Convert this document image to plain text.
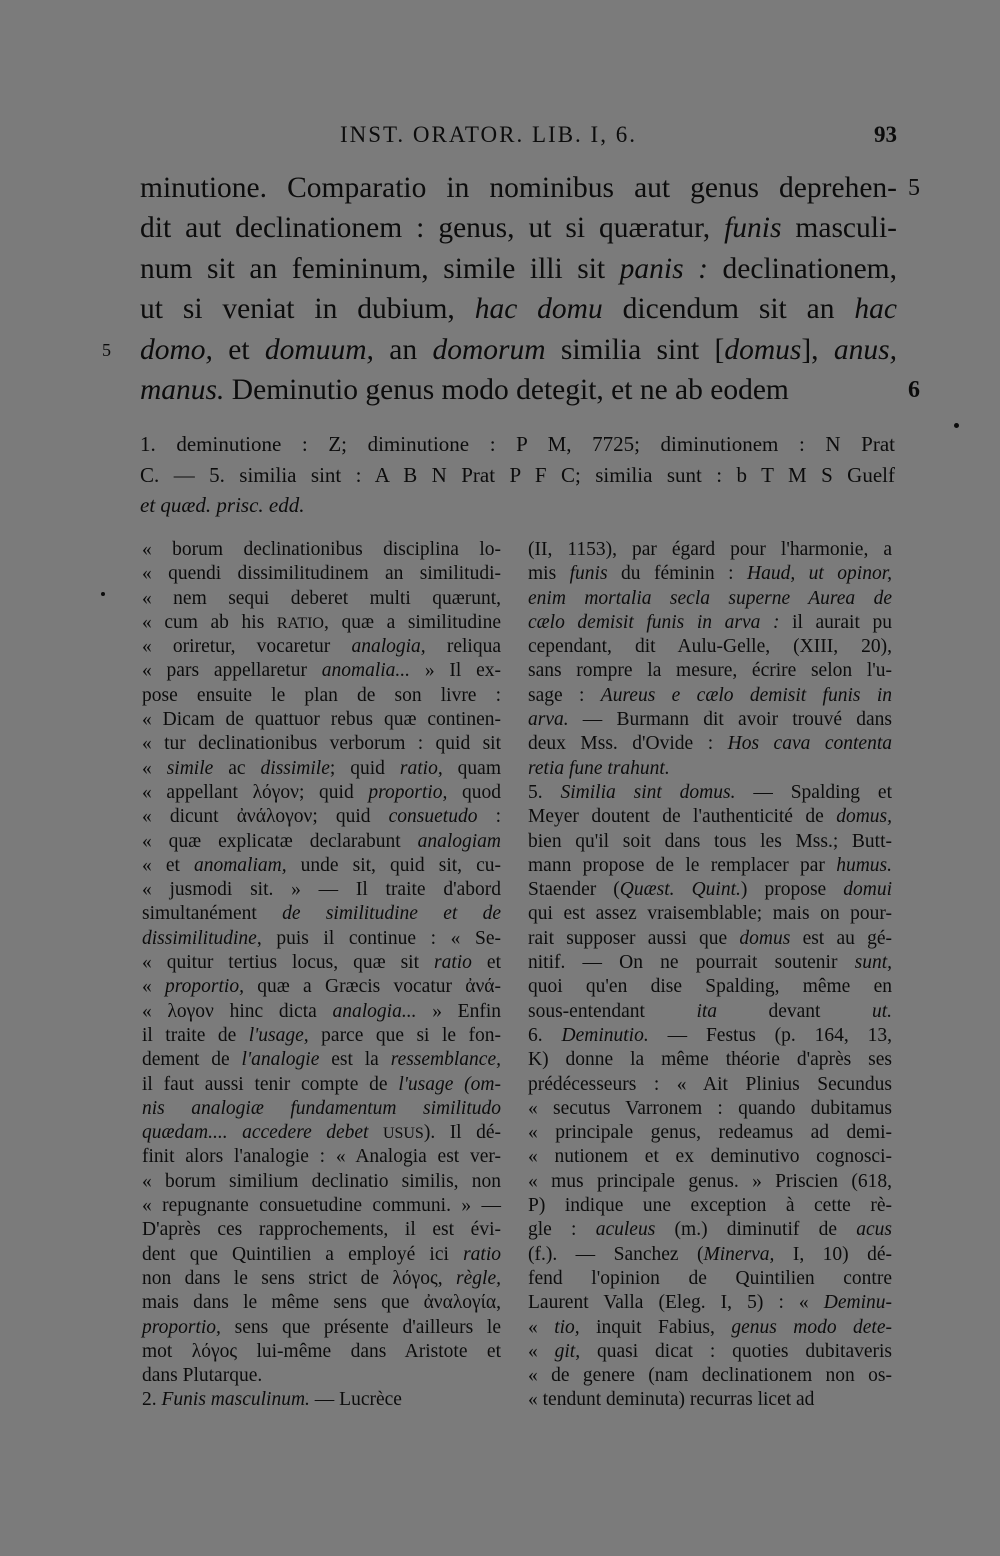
INST. ORATOR. LIB. I, 6.	93
minutione. Comparatio in nominibus aut genus deprehen-
dit aut declinationem : genus, ut si quæratur, funis masculi-
num sit an femininum, simile illi sit panis : declinationem,
ut si veniat in dubium, hac domu dicendum sit an hac
domo, et domuum, an domorum similia sint [domus], anus,
manus. Deminutio genus modo detegit, et ne ab eodem
5
6
5
1. deminutione : Z; diminutione : P M, 7725; diminutionem : N Prat
C. — 5. similia sint : A B N Prat P F C; similia sunt : b T M S Guelf
et quæd. prisc. edd.
« borum declinationibus disciplina lo-
« quendi dissimilitudinem an similitudi-
« nem sequi deberet multi quærunt,
« cum ab his RATIO, quæ a similitudine
« oriretur, vocaretur analogia, reliqua
« pars appellaretur anomalia... » Il ex-
pose ensuite le plan de son livre :
« Dicam de quattuor rebus quæ continen-
« tur declinationibus verborum : quid sit
« simile ac dissimile; quid ratio, quam
« appellant λόγον; quid proportio, quod
« dicunt ἀνάλογον; quid consuetudo :
« quæ explicatæ declarabunt analogiam
« et anomaliam, unde sit, quid sit, cu-
« jusmodi sit. » — Il traite d'abord
simultanément de similitudine et de
dissimilitudine, puis il continue : « Se-
« quitur tertius locus, quæ sit ratio et
« proportio, quæ a Græcis vocatur ἀνά-
« λογον hinc dicta analogia... » Enfin
il traite de l'usage, parce que si le fon-
dement de l'analogie est la ressemblance,
il faut aussi tenir compte de l'usage (om-
nis analogiæ fundamentum similitudo
quædam.... accedere debet USUS). Il dé-
finit alors l'analogie : « Analogia est ver-
« borum similium declinatio similis, non
« repugnante consuetudine communi. » —
D'après ces rapprochements, il est évi-
dent que Quintilien a employé ici ratio
non dans le sens strict de λόγος, règle,
mais dans le même sens que ἀναλογία,
proportio, sens que présente d'ailleurs le
mot λόγος lui-même dans Aristote et
dans Plutarque.
2. Funis masculinum. — Lucrèce
(II, 1153), par égard pour l'harmonie, a
mis funis du féminin : Haud, ut opinor,
enim mortalia secla superne Aurea de
cælo demisit funis in arva : il aurait pu
cependant, dit Aulu-Gelle, (XIII, 20),
sans rompre la mesure, écrire selon l'u-
sage : Aureus e cælo demisit funis in
arva. — Burmann dit avoir trouvé dans
deux Mss. d'Ovide : Hos cava contenta
retia fune trahunt.
5. Similia sint domus. — Spalding et
Meyer doutent de l'authenticité de domus,
bien qu'il soit dans tous les Mss.; Butt-
mann propose de le remplacer par humus.
Staender (Quæst. Quint.) propose domui
qui est assez vraisemblable; mais on pour-
rait supposer aussi que domus est au gé-
nitif. — On ne pourrait soutenir sunt,
quoi qu'en dise Spalding, même en
sous-entendant ita devant ut.
6. Deminutio. — Festus (p. 164, 13,
K) donne la même théorie d'après ses
prédécesseurs : « Ait Plinius Secundus
« secutus Varronem : quando dubitamus
« principale genus, redeamus ad demi-
« nutionem et ex deminutivo cognosci-
« mus principale genus. » Priscien (618,
P) indique une exception à cette rè-
gle : aculeus (m.) diminutif de acus
(f.). — Sanchez (Minerva, I, 10) dé-
fend l'opinion de Quintilien contre
Laurent Valla (Eleg. I, 5) : « Deminu-
« tio, inquit Fabius, genus modo dete-
« git, quasi dicat : quoties dubitaveris
« de genere (nam declinationem non os-
« tendunt deminuta) recurras licet ad
